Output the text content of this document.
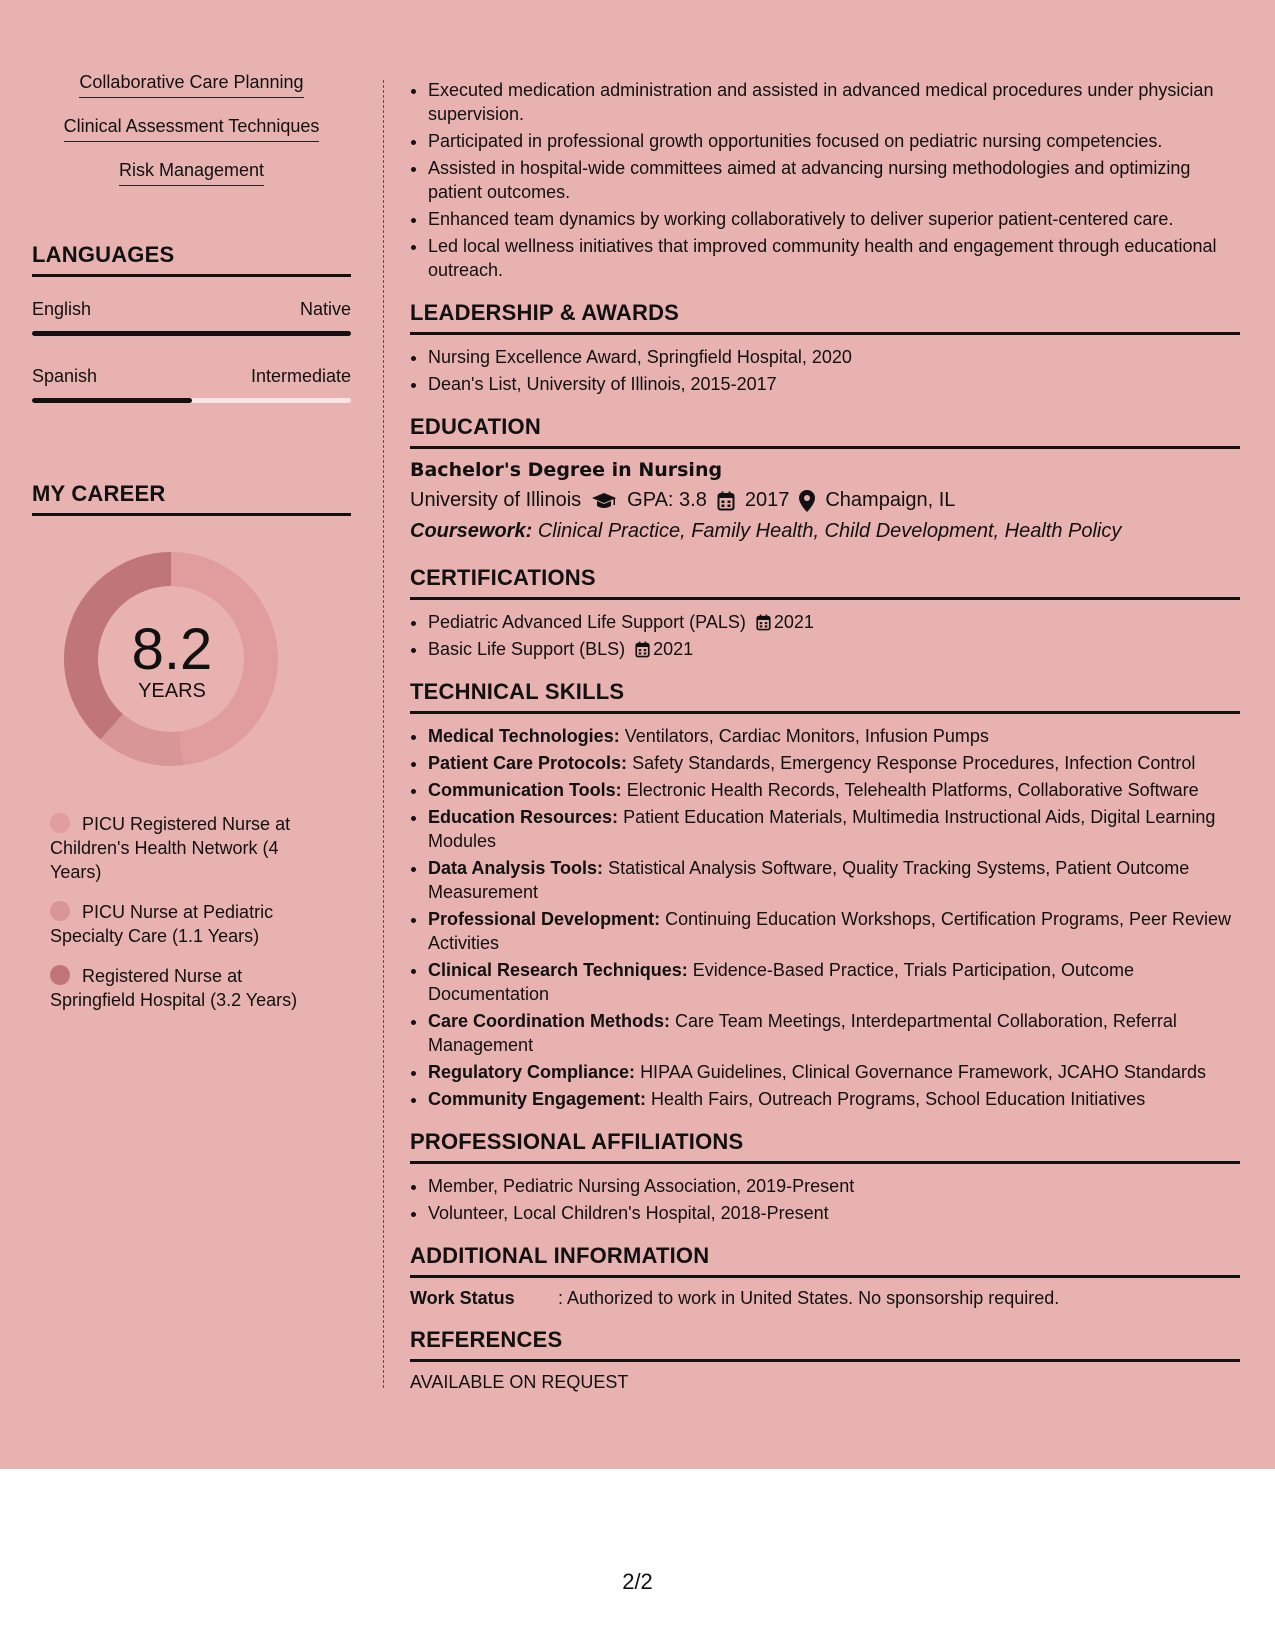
Collaborative Care Planning
Clinical Assessment Techniques
Risk Management
LANGUAGES
English	Native
Spanish	Intermediate
MY CAREER
8.2
YEARS
PICU Registered Nurse at Children's Health Network (4 Years)
PICU Nurse at Pediatric Specialty Care (1.1 Years)
Registered Nurse at Springfield Hospital (3.2 Years)
• Executed medication administration and assisted in advanced medical procedures under physician supervision.
• Participated in professional growth opportunities focused on pediatric nursing competencies.
• Assisted in hospital-wide committees aimed at advancing nursing methodologies and optimizing patient outcomes.
• Enhanced team dynamics by working collaboratively to deliver superior patient-centered care.
• Led local wellness initiatives that improved community health and engagement through educational outreach.
LEADERSHIP & AWARDS
• Nursing Excellence Award, Springfield Hospital, 2020
• Dean's List, University of Illinois, 2015-2017
EDUCATION
Bachelor's Degree in Nursing
University of Illinois GPA: 3.8 2017 Champaign, IL
Coursework: Clinical Practice, Family Health, Child Development, Health Policy
CERTIFICATIONS
• Pediatric Advanced Life Support (PALS) 2021
• Basic Life Support (BLS) 2021
TECHNICAL SKILLS
• Medical Technologies: Ventilators, Cardiac Monitors, Infusion Pumps
• Patient Care Protocols: Safety Standards, Emergency Response Procedures, Infection Control
• Communication Tools: Electronic Health Records, Telehealth Platforms, Collaborative Software
• Education Resources: Patient Education Materials, Multimedia Instructional Aids, Digital Learning Modules
• Data Analysis Tools: Statistical Analysis Software, Quality Tracking Systems, Patient Outcome Measurement
• Professional Development: Continuing Education Workshops, Certification Programs, Peer Review Activities
• Clinical Research Techniques: Evidence-Based Practice, Trials Participation, Outcome Documentation
• Care Coordination Methods: Care Team Meetings, Interdepartmental Collaboration, Referral Management
• Regulatory Compliance: HIPAA Guidelines, Clinical Governance Framework, JCAHO Standards
• Community Engagement: Health Fairs, Outreach Programs, School Education Initiatives
PROFESSIONAL AFFILIATIONS
• Member, Pediatric Nursing Association, 2019-Present
• Volunteer, Local Children's Hospital, 2018-Present
ADDITIONAL INFORMATION
Work Status	: Authorized to work in United States. No sponsorship required.
REFERENCES
AVAILABLE ON REQUEST
2/2
